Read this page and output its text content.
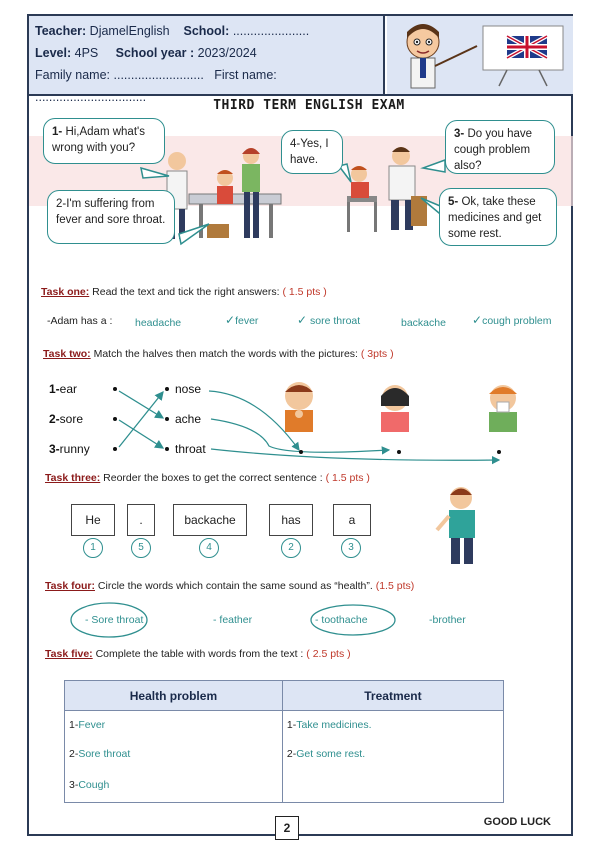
Teacher: DjamelEnglish School: ......................
Level: 4PS School year : 2023/2024
Family name: .......................... First name: ................................
THIRD TERM ENGLISH EXAM
1- Hi,Adam what's wrong with you?
2-I'm suffering from fever and sore throat.
4-Yes, I have.
3- Do you have cough problem also?
5- Ok, take these medicines and get some rest.
Task one: Read the text and tick the right answers: ( 1.5 pts )
-Adam has a : headache	✓fever	✓ sore throat	backache ✓cough problem
Task two: Match the halves then match the words with the pictures: ( 3pts )
1-ear
2-sore
3-runny
nose
ache
throat
Task three: Reorder the boxes to get the correct sentence : ( 1.5 pts )
He
1
.
5
backache
4
has
2
a
3
Task four: Circle the words which contain the same sound as “health”. (1.5 pts)
- Sore throat	- feather	- toothache	-brother
Task five: Complete the table with words from the text : ( 2.5 pts )
Health problem	Treatment
1-Fever	1-Take medicines.
2-Sore throat	2-Get some rest.
3-Cough	
2	GOOD LUCK
